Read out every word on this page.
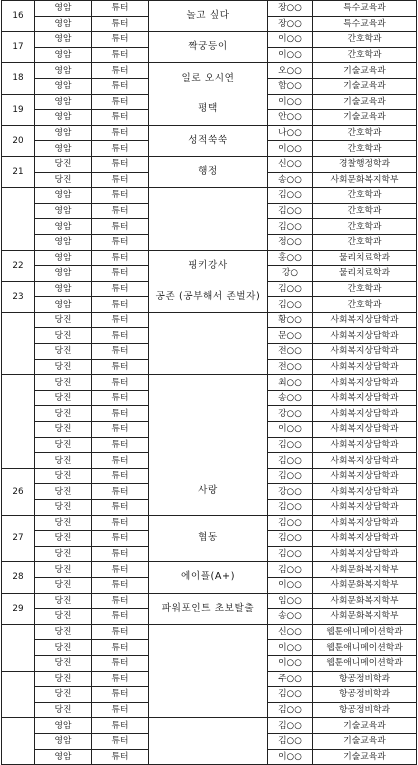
16	영암	튜터	놀고 싶다	장○○	특수교육과
	영암	튜터		장○○	특수교육과
17	영암	튜터	짝궁등이	이○○	간호학과
	영암	튜터		이○○	간호학과
18	영암	튜터	일로 오시연	오○○	기술교육과
	영암	튜터		함○○	기술교육과
19	영암	튜터	평택	이○○	기술교육과
	영암	튜터		안○○	기술교육과
20	영암	튜터	성적쑥쑥	나○○	간호학과
	영암	튜터		이○○	간호학과
21	당진	튜터	행정	신○○	경찰행정학과
	당진	튜터		송○○	사회문화복지학부
	영암	튜터		김○○	간호학과
	영암	튜터		김○○	간호학과
	영암	튜터		김○○	간호학과
	영암	튜터		정○○	간호학과
22	영암	튜터	핑키강사	홍○○	물리치료학과
	영암	튜터		강○	물리치료학과
23	영암	튜터	공존 (공부해서 존벌자)	김○○	간호학과
	영암	튜터		김○○	간호학과
	당진	튜터		황○○	사회복지상담학과
	당진	튜터		문○○	사회복지상담학과
	당진	튜터		전○○	사회복지상담학과
	당진	튜터		전○○	사회복지상담학과
	당진	튜터		최○○	사회복지상담학과
	당진	튜터		송○○	사회복지상담학과
	당진	튜터		강○○	사회복지상담학과
	당진	튜터		이○○	사회복지상담학과
	당진	튜터		김○○	사회복지상담학과
	당진	튜터		김○○	사회복지상담학과
26	당진	튜터	사랑	김○○	사회복지상담학과
	당진	튜터		강○○	사회복지상담학과
	당진	튜터		김○○	사회복지상담학과
27	당진	튜터	협동	김○○	사회복지상담학과
	당진	튜터		김○○	사회복지상담학과
	당진	튜터		김○○	사회복지상담학과
28	당진	튜터	에이플(A+)	김○○	사회문화복지학부
	당진	튜터		이○○	사회문화복지학부
29	당진	튜터	파워포인트 초보탈출	임○○	사회문화복지학부
	당진	튜터		송○○	사회문화복지학부
	당진	튜터		신○○	웹툰애니메이션학과
	당진	튜터		이○○	웹툰애니메이션학과
	당진	튜터		이○○	웹툰애니메이션학과
	당진	튜터		주○○	항공정비학과
	당진	튜터		김○○	항공정비학과
	당진	튜터		김○○	항공정비학과
	영암	튜터		김○○	기술교육과
	영암	튜터		김○○	기술교육과
	영암	튜터		이○○	기술교육과
